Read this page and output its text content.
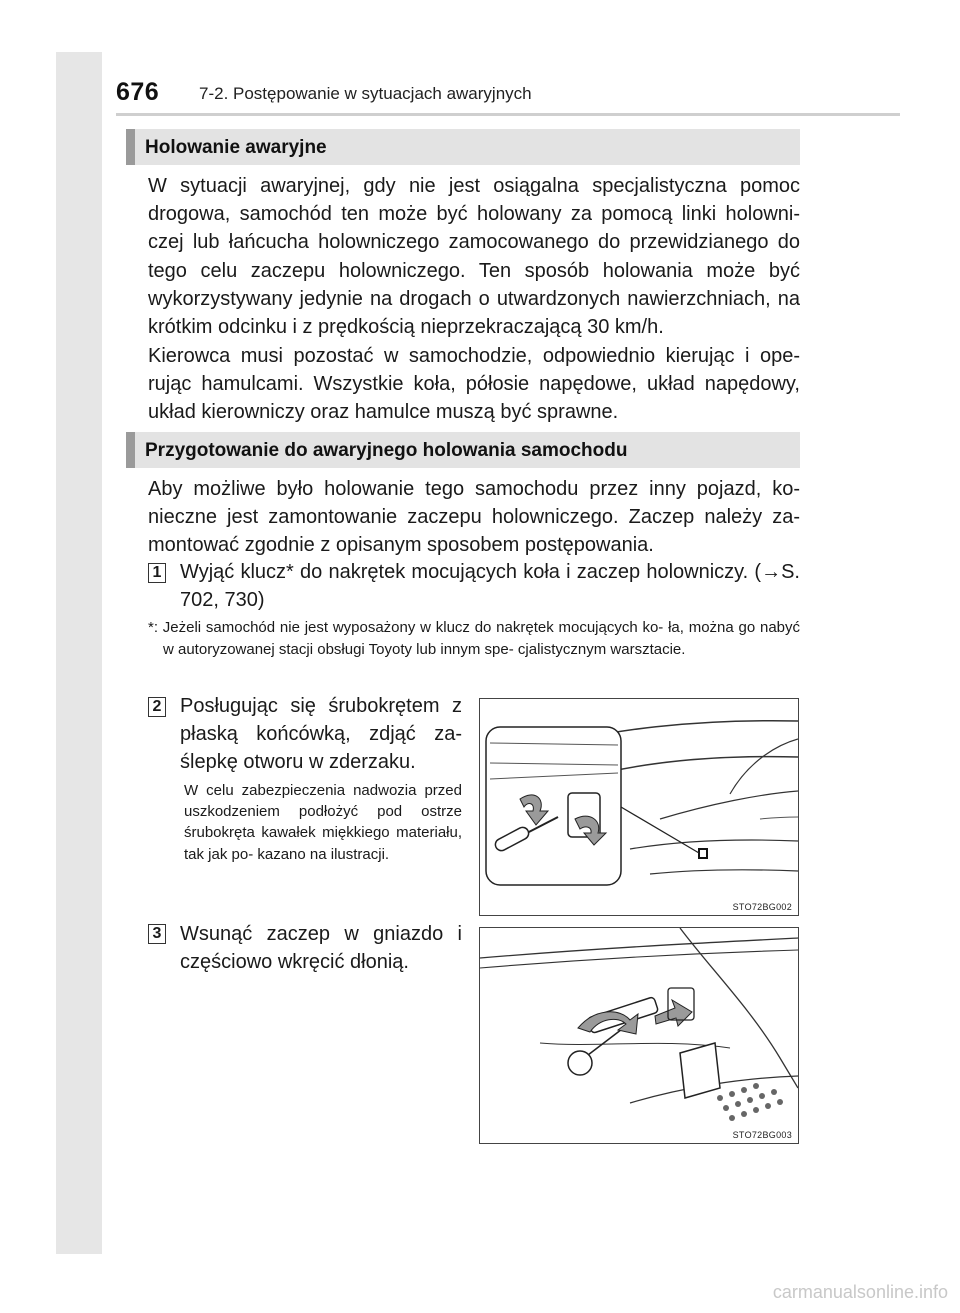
676 7-2. Postępowanie w sytuacjach awaryjnych
Holowanie awaryjne

W sytuacji awaryjnej, gdy nie jest osiągalna specjalistyczna pomoc drogowa, samochód ten może być holowany za pomocą linki holowni- czej lub łańcucha holowniczego zamocowanego do przewidzianego do tego celu zaczepu holowniczego. Ten sposób holowania może być wykorzystywany jedynie na drogach o utwardzonych nawierzchniach, na krótkim odcinku i z prędkością nieprzekraczającą 30 km/h.

Kierowca musi pozostać w samochodzie, odpowiednio kierując i ope- rując hamulcami. Wszystkie koła, półosie napędowe, układ napędowy, układ kierowniczy oraz hamulce muszą być sprawne.

Przygotowanie do awaryjnego holowania samochodu

Aby możliwe było holowanie tego samochodu przez inny pojazd, ko- nieczne jest zamontowanie zaczepu holowniczego. Zaczep należy za- montować zgodnie z opisanym sposobem postępowania.

1 Wyjąć klucz* do nakrętek mocujących koła i zaczep holowniczy. (→S. 702, 730)

*: Jeżeli samochód nie jest wyposażony w klucz do nakrętek mocujących ko- ła, można go nabyć w autoryzowanej stacji obsługi Toyoty lub innym spe- cjalistycznym warsztacie.

2 Posługując się śrubokrętem z płaską końcówką, zdjąć za- ślepkę otworu w zderzaku.

W celu zabezpieczenia nadwozia przed uszkodzeniem podłożyć pod ostrze śrubokręta kawałek miękkiego materiału, tak jak po- kazano na ilustracji.

STO72BG002
3 Wsunąć zaczep w gniazdo i częściowo wkręcić dłonią.

STO72BG003
carmanualsonline.info
